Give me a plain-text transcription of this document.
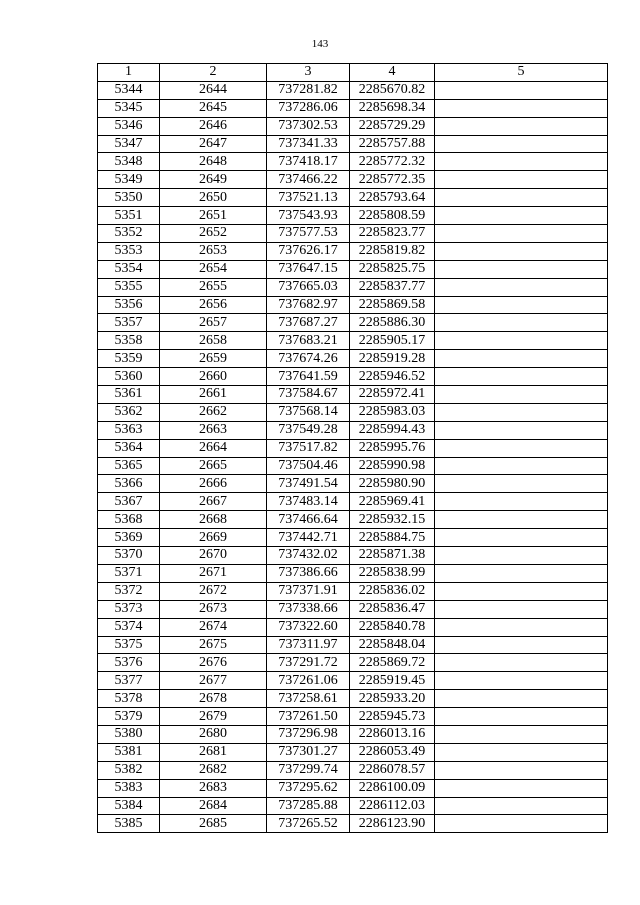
143
1	2	3	4	5
5344	2644	737281.82	2285670.82	
5345	2645	737286.06	2285698.34	
5346	2646	737302.53	2285729.29	
5347	2647	737341.33	2285757.88	
5348	2648	737418.17	2285772.32	
5349	2649	737466.22	2285772.35	
5350	2650	737521.13	2285793.64	
5351	2651	737543.93	2285808.59	
5352	2652	737577.53	2285823.77	
5353	2653	737626.17	2285819.82	
5354	2654	737647.15	2285825.75	
5355	2655	737665.03	2285837.77	
5356	2656	737682.97	2285869.58	
5357	2657	737687.27	2285886.30	
5358	2658	737683.21	2285905.17	
5359	2659	737674.26	2285919.28	
5360	2660	737641.59	2285946.52	
5361	2661	737584.67	2285972.41	
5362	2662	737568.14	2285983.03	
5363	2663	737549.28	2285994.43	
5364	2664	737517.82	2285995.76	
5365	2665	737504.46	2285990.98	
5366	2666	737491.54	2285980.90	
5367	2667	737483.14	2285969.41	
5368	2668	737466.64	2285932.15	
5369	2669	737442.71	2285884.75	
5370	2670	737432.02	2285871.38	
5371	2671	737386.66	2285838.99	
5372	2672	737371.91	2285836.02	
5373	2673	737338.66	2285836.47	
5374	2674	737322.60	2285840.78	
5375	2675	737311.97	2285848.04	
5376	2676	737291.72	2285869.72	
5377	2677	737261.06	2285919.45	
5378	2678	737258.61	2285933.20	
5379	2679	737261.50	2285945.73	
5380	2680	737296.98	2286013.16	
5381	2681	737301.27	2286053.49	
5382	2682	737299.74	2286078.57	
5383	2683	737295.62	2286100.09	
5384	2684	737285.88	2286112.03	
5385	2685	737265.52	2286123.90	
